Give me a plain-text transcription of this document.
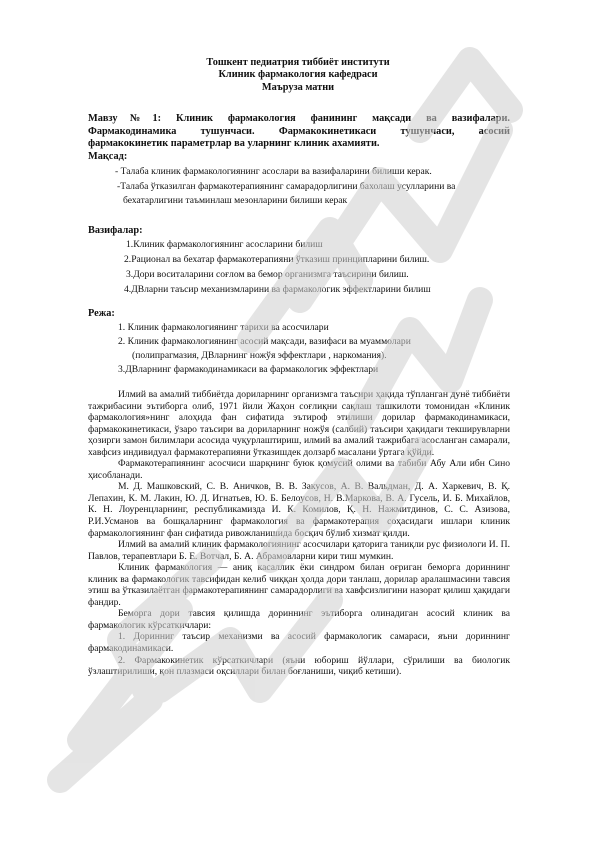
Тошкент педиатрия тиббиёт институти
Клиник фармакология кафедраси
Маъруза матни
Мавзу№1: Клиник фармакология фанининг мақсади ва вазифалари.
Фармакодинамика тушунчаси. Фармакокинетикаси тушунчаси, асосий
фармакокинетик параметрлар ва уларнинг клиник ахамияти.
Мақсад:
- Талаба клиник фармакологиянинг асослари ва вазифаларини билиши керак.
-Талаба ўтказилган фармакотерапиянинг самарадорлигини бахолаш усулларини ва
бехатарлигини таъминлаш мезонларини билиши керак
Вазифалар:
1.Клиник фармакологиянинг асосларини билиш
2.Рационал ва бехатар фармакотерапияни ўтказиш принципларини билиш.
3.Дори воситаларини соғлом ва бемор организмга таъсирини билиш.
4.ДВларни таъсир механизмларини ва фармакологик эффектларини билиш
Режа:
1. Клиник фармакологиянинг тарихи ва асосчилари
2. Клиник фармакологиянинг асосий мақсади, вазифаси ва муаммолари
(полипрагмазия, ДВларнинг ножўя эффектлари , наркомания).
3.ДВларнинг фармакодинамикаси ва фармакологик эффектлари

Илмий ва амалий тиббиётда дориларнинг организмга таъсири ҳақида тўпланган дунё тиббиёти тажрибасини эътиборга олиб, 1971 йили Жаҳон соғлиқни сақлаш ташкилоти томонидан «Клиник фармакология»нинг алоҳида фан сифатида эътироф этилиши дорилар фармакодинамикаси, фармакокинетикаси, ўзаро таъсири ва дориларнинг ножўя (салбий) таъсири ҳақидаги текширувларни ҳозирги замон билимлари асосида чуқурлаштириш, илмий ва амалий тажрибага асосланган самарали, хавфсиз индивидуал фармакотерапияни ўтказишдек долзарб масалани ўртага қўйди.

Фармакотерапиянинг асосчиси шарқнинг буюк қомусий олими ва табиби Абу Али ибн Сино ҳисобланади.

М. Д. Машковский, С. В. Аничков, В. В. Закусов, А. В. Вальдман, Д. А. Харкевич, В. Қ. Лепахин, К. М. Лакин, Ю. Д. Игнатьев, Ю. Б. Белоусов, Н. В.Маркова, В. А. Гусель, И. Б. Михайлов, К. Н. Лоуренцларнинг, республикамизда И. К. Комилов, Қ. Н. Нажмитдинов, С. С. Азизова, Р.И.Усманов ва бошқаларнинг фармакология ва фармакотерапия соҳасидаги ишлари клиник фармакологиянинг фан сифатида ривожланишида босқич бўлиб хизмат қилди.

Илмий ва амалий клиник фармакологиянинг асосчилари қаторига таниқли рус физиологи И. П. Павлов, терапевтлари Б. Е. Вотчал, Б. А. Абрамовларни кири тиш мумкин.

Клиник фармакология — аниқ касаллик ёки синдром билан оғриган беморга дориннинг клиник ва фармакологик тавсифидан келиб чиққан ҳолда дори танлаш, дорилар аралашмасини тавсия этиш ва ўтказилаётган фармакотерапиянинг самарадорлиги ва хавфсизлигини назорат қилиш ҳақидаги фандир.

Беморга дори тавсия қилишда дориннинг эътиборга олинадиган асосий клиник ва фармакологик кўрсаткичлари:

1. Доринниг таъсир механизми ва асосий фармакологик самараси, яъни дориннинг фармакодинамикаси.

2. Фармакокинетик кўрсаткичлари (яъни юбориш йўллари, сўрилиши ва биологик ўзлаштирилиши, қон плазмаси оқсиллари билан боғланиши, чиқиб кетиши).
